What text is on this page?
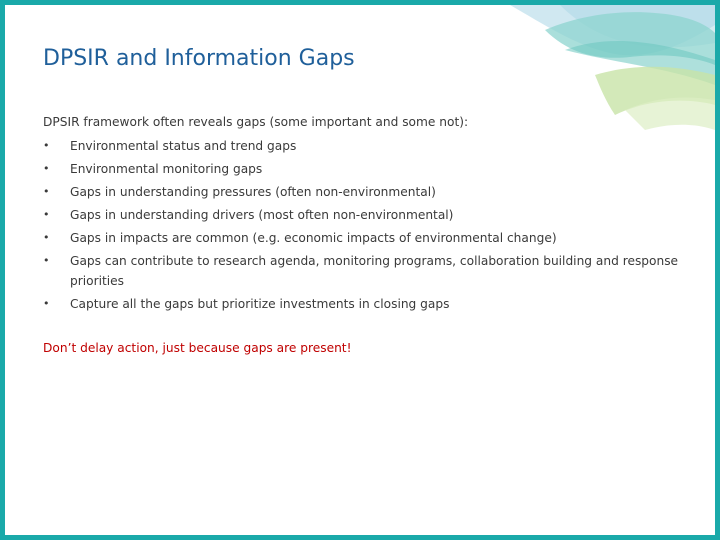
DPSIR and Information Gaps

DPSIR framework often reveals gaps (some important and some not):

•	Environmental status and trend gaps
•	Environmental monitoring gaps
•	Gaps in understanding pressures (often non-environmental)
•	Gaps in understanding drivers (most often non-environmental)
•	Gaps in impacts are common (e.g. economic impacts of environmental change)
•	Gaps can contribute to research agenda, monitoring programs, collaboration building and response priorities
•	Capture all the gaps but prioritize investments in closing gaps

Don’t delay action, just because gaps are present!
